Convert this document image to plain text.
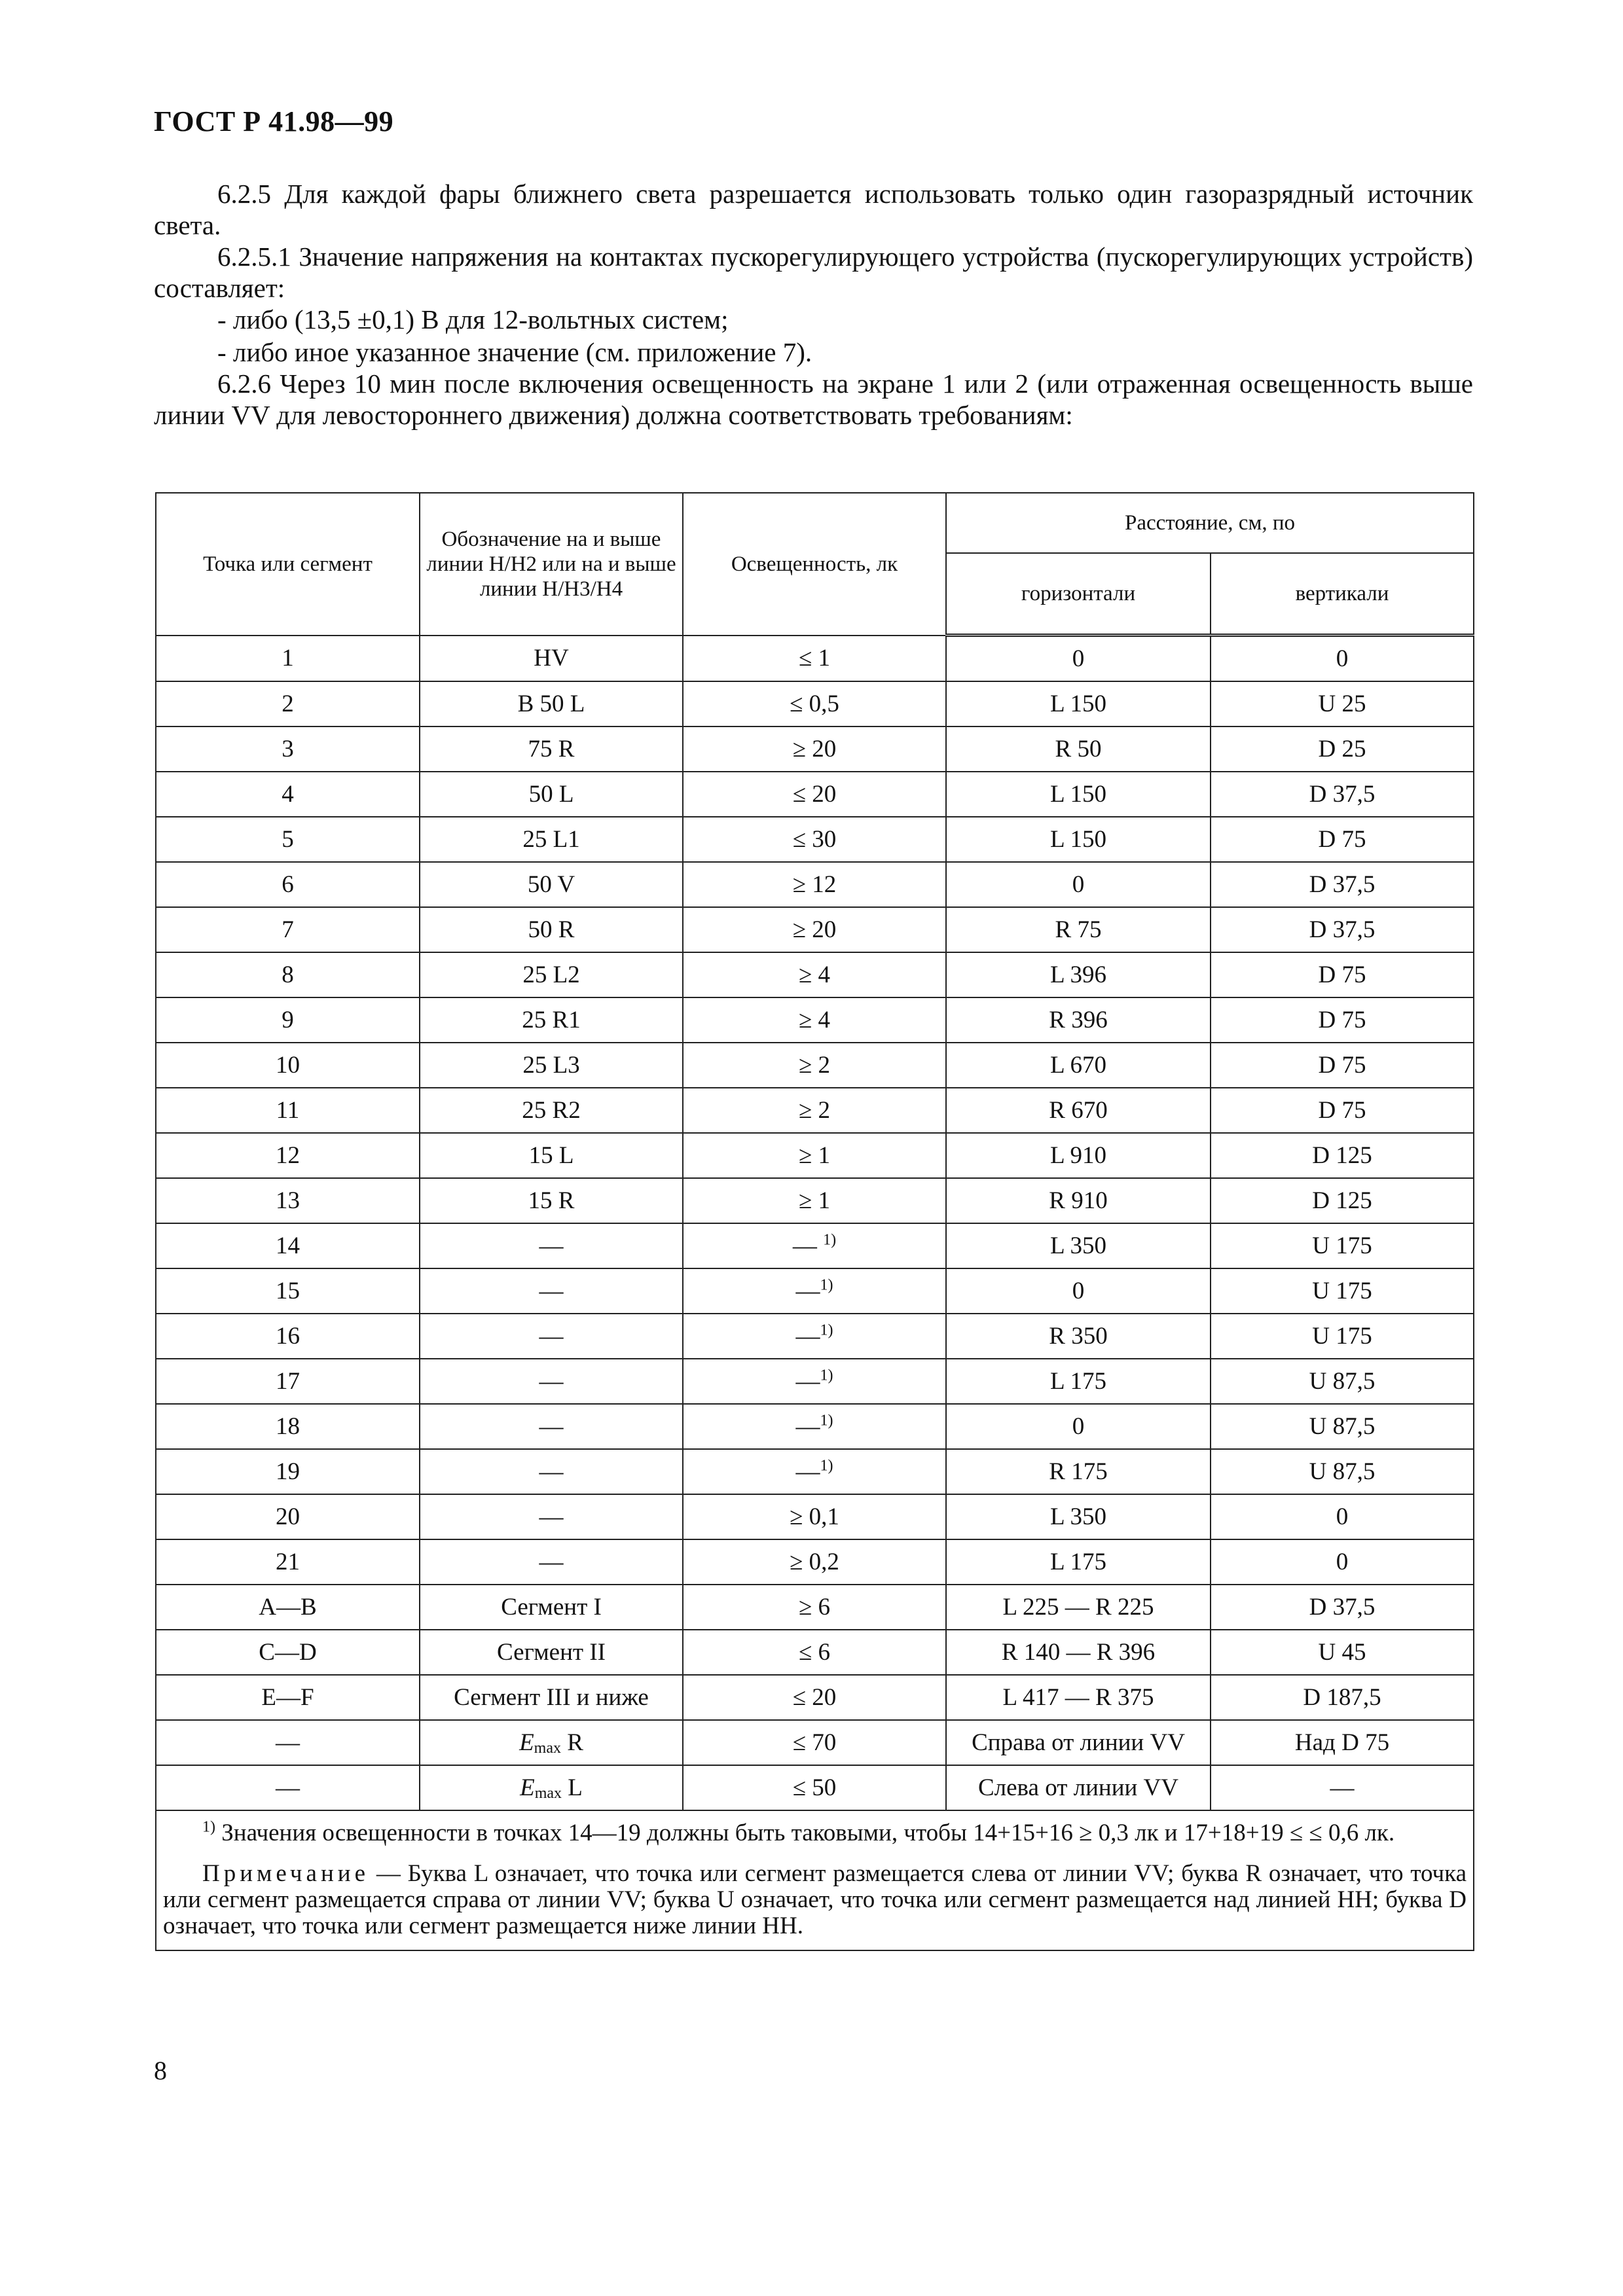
ГОСТ Р 41.98—99
6.2.5 Для каждой фары ближнего света разрешается использовать только один газоразрядный источник света.
6.2.5.1 Значение напряжения на контактах пускорегулирующего устройства (пускорегулирующих устройств) составляет:
- либо (13,5 ±0,1) В для 12-вольтных систем;
- либо иное указанное значение (см. приложение 7).
6.2.6 Через 10 мин после включения освещенность на экране 1 или 2 (или отраженная освещенность выше линии VV для левостороннего движения) должна соответствовать требованиям:
Точка или сегмент	Обозначение на и выше линии H/H2 или на и выше линии H/H3/H4	Освещенность, лк	Расстояние, см, по	
			горизонтали	вертикали
1	HV	≤ 1	0	0
2	B 50 L	≤ 0,5	L 150	U 25
3	75 R	≥ 20	R 50	D 25
4	50 L	≤ 20	L 150	D 37,5
5	25 L1	≤ 30	L 150	D 75
6	50 V	≥ 12	0	D 37,5
7	50 R	≥ 20	R 75	D 37,5
8	25 L2	≥ 4	L 396	D 75
9	25 R1	≥ 4	R 396	D 75
10	25 L3	≥ 2	L 670	D 75
11	25 R2	≥ 2	R 670	D 75
12	15 L	≥ 1	L 910	D 125
13	15 R	≥ 1	R 910	D 125
14	—	— $^{1)}$	L 350	U 175
15	—	—$^{1)}$	0	U 175
16	—	—$^{1)}$	R 350	U 175
17	—	—$^{1)}$	L 175	U 87,5
18	—	—$^{1)}$	0	U 87,5
19	—	—$^{1)}$	R 175	U 87,5
20	—	≥ 0,1	L 350	0
21	—	≥ 0,2	L 175	0
A—B	Сегмент I	≥ 6	L 225 — R 225	D 37,5
C—D	Сегмент II	≤ 6	R 140 — R 396	U 45
E—F	Сегмент III и ниже	≤ 20	L 417 — R 375	D 187,5
—	Emax R	≤ 70	Справа от линии VV	Над D 75
—	Emax L	≤ 50	Слева от линии VV	—

$^{1)}$ Значения освещенности в точках 14—19 должны быть таковыми, чтобы 14+15+16 ≥ 0,3 лк и 17+18+19 ≤ ≤ 0,6 лк.
Примечание — Буква L означает, что точка или сегмент размещается слева от линии VV; буква R означает, что точка или сегмент размещается справа от линии VV; буква U означает, что точка или сегмент размещается над линией HH; буква D означает, что точка или сегмент размещается ниже линии HH.				
8
